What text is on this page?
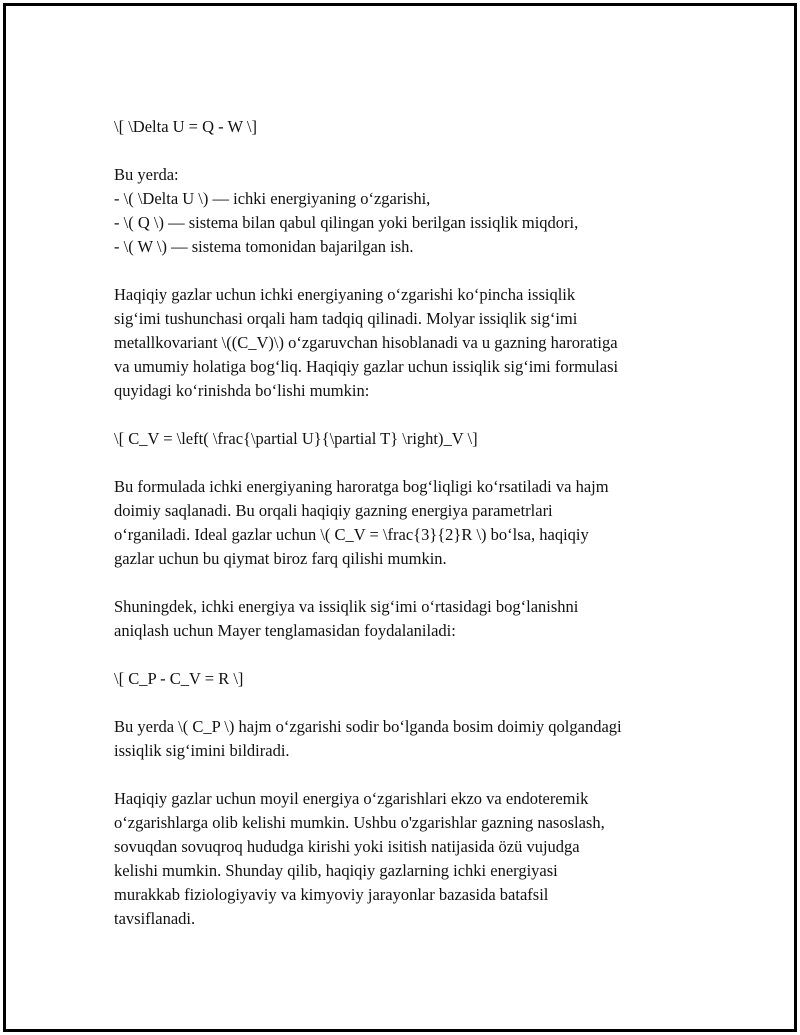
\[ \Delta U = Q - W \]
Bu yerda:
- \( \Delta U \) — ichki energiyaning o‘zgarishi,
- \( Q \) — sistema bilan qabul qilingan yoki berilgan issiqlik miqdori,
- \( W \) — sistema tomonidan bajarilgan ish.
Haqiqiy gazlar uchun ichki energiyaning o‘zgarishi ko‘pincha issiqlik
sig‘imi tushunchasi orqali ham tadqiq qilinadi. Molyar issiqlik sig‘imi
metallkovariant \((C_V)\) o‘zgaruvchan hisoblanadi va u gazning haroratiga
va umumiy holatiga bog‘liq. Haqiqiy gazlar uchun issiqlik sig‘imi formulasi
quyidagi ko‘rinishda bo‘lishi mumkin:
\[ C_V = \left( \frac{\partial U}{\partial T} \right)_V \]
Bu formulada ichki energiyaning haroratga bog‘liqligi ko‘rsatiladi va hajm
doimiy saqlanadi. Bu orqali haqiqiy gazning energiya parametrlari
o‘rganiladi. Ideal gazlar uchun \( C_V = \frac{3}{2}R \) bo‘lsa, haqiqiy
gazlar uchun bu qiymat biroz farq qilishi mumkin.
Shuningdek, ichki energiya va issiqlik sig‘imi o‘rtasidagi bog‘lanishni
aniqlash uchun Mayer tenglamasidan foydalaniladi:
\[ C_P - C_V = R \]
Bu yerda \( C_P \) hajm o‘zgarishi sodir bo‘lganda bosim doimiy qolgandagi
issiqlik sig‘imini bildiradi.
Haqiqiy gazlar uchun moyil energiya o‘zgarishlari ekzo va endoteremik
o‘zgarishlarga olib kelishi mumkin. Ushbu o'zgarishlar gazning nasoslash,
sovuqdan sovuqroq hududga kirishi yoki isitish natijasida özü vujudga
kelishi mumkin. Shunday qilib, haqiqiy gazlarning ichki energiyasi
murakkab fiziologiyaviy va kimyoviy jarayonlar bazasida batafsil
tavsiflanadi.
